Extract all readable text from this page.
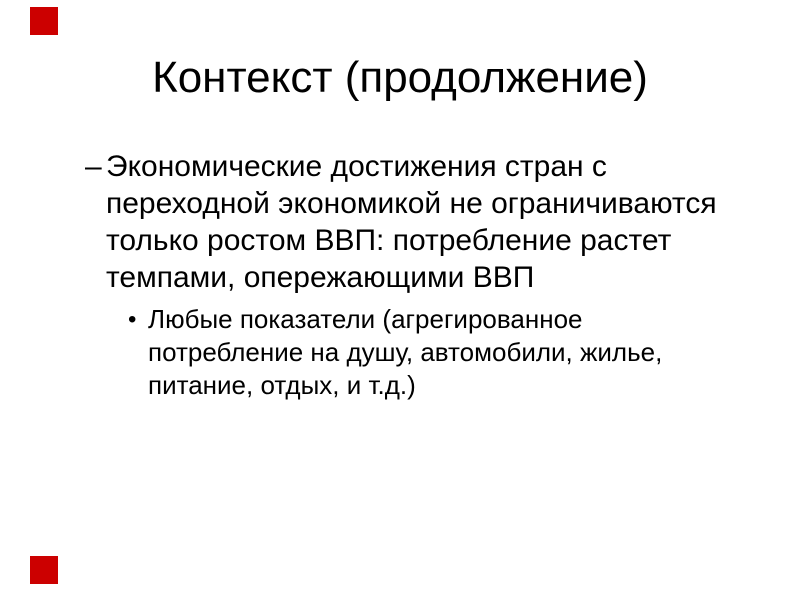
Контекст (продолжение)
– Экономические достижения стран с
переходной экономикой не ограничиваются
только ростом ВВП: потребление растет
темпами, опережающими ВВП
• Любые показатели (агрегированное
потребление на душу, автомобили, жилье,
питание, отдых, и т.д.)
